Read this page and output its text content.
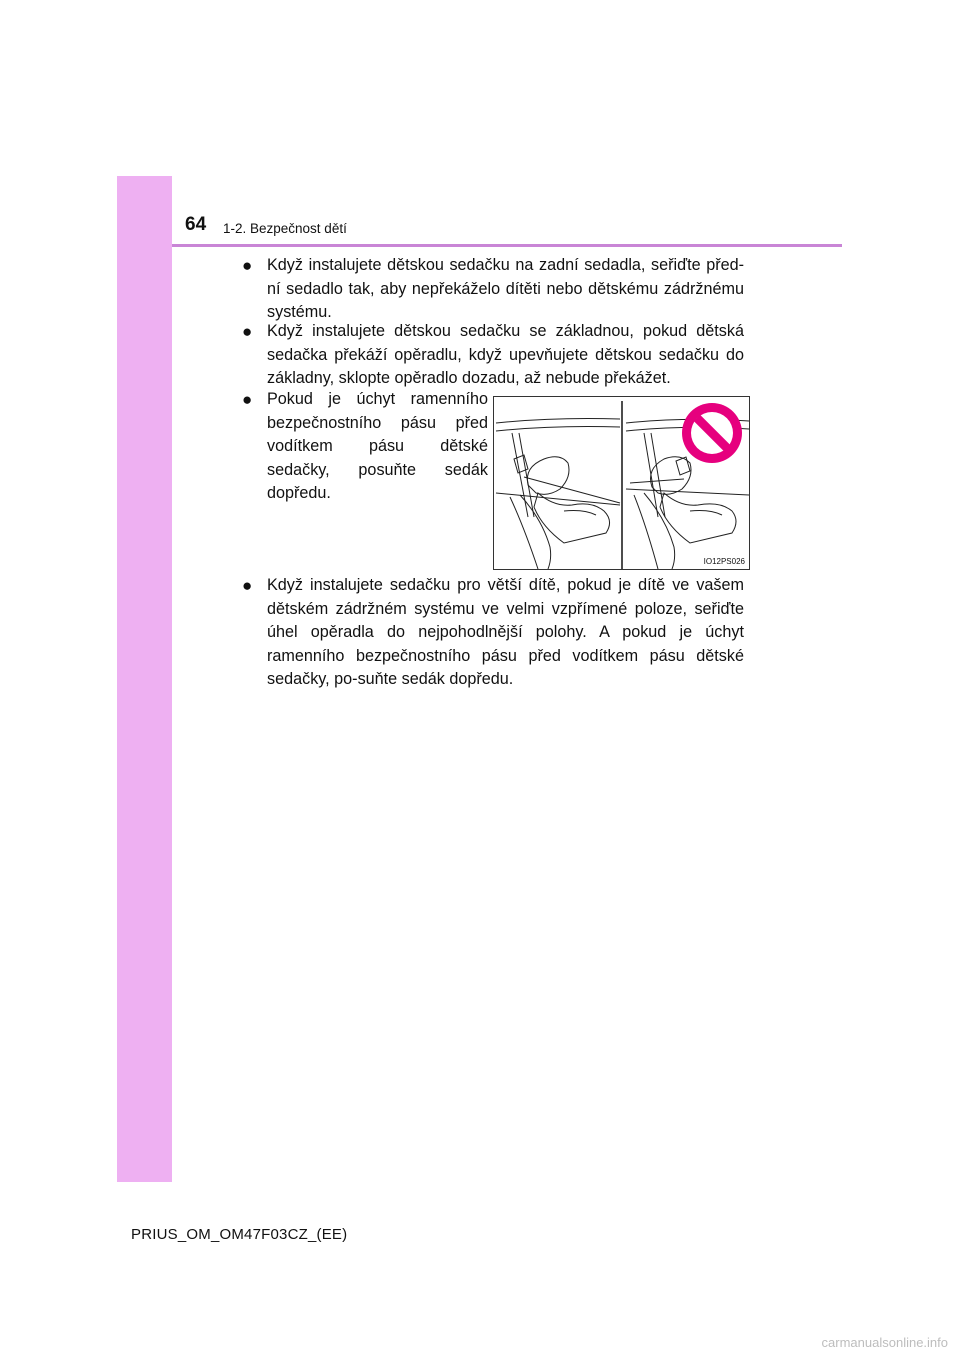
64 1-2. Bezpečnost dětí
● Když instalujete dětskou sedačku na zadní sedadla, seřiďte před-ní sedadlo tak, aby nepřekáželo dítěti nebo dětskému zádržnému systému.
● Když instalujete dětskou sedačku se základnou, pokud dětská sedačka překáží opěradlu, když upevňujete dětskou sedačku do základny, sklopte opěradlo dozadu, až nebude překážet.
● Pokud je úchyt ramenního bezpečnostního pásu před vodítkem pásu dětské sedačky, posuňte sedák dopředu.
IO12PS026
● Když instalujete sedačku pro větší dítě, pokud je dítě ve vašem dětském zádržném systému ve velmi vzpřímené poloze, seřiďte úhel opěradla do nejpohodlnější polohy. A pokud je úchyt ramenního bezpečnostního pásu před vodítkem pásu dětské sedačky, po-suňte sedák dopředu.
PRIUS_OM_OM47F03CZ_(EE)
carmanualsonline.info
